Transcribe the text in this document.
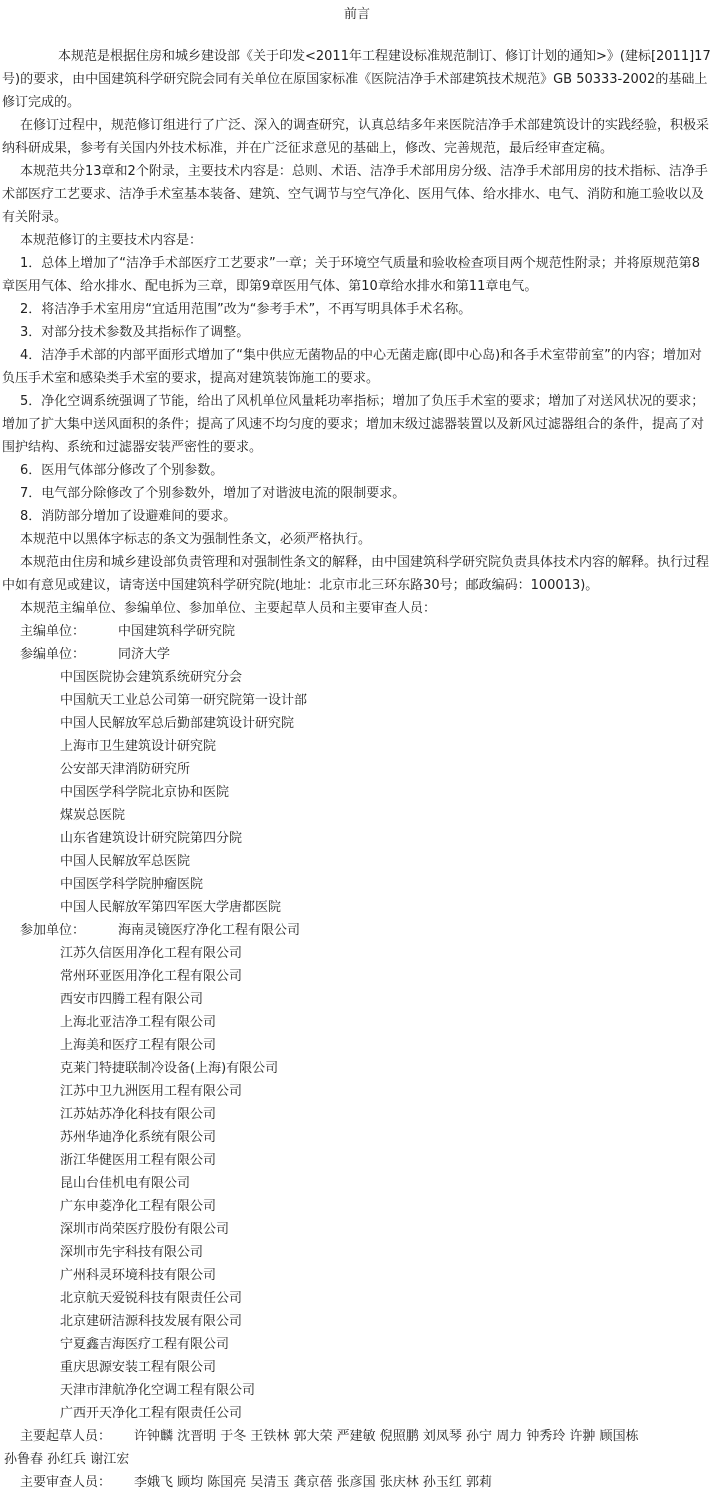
前言

本规范是根据住房和城乡建设部《关于印发<2011年工程建设标准规范制订、修订计划的通知>》(建标[2011]17号)的要求，由中国建筑科学研究院会同有关单位在原国家标准《医院洁净手术部建筑技术规范》GB 50333-2002的基础上修订完成的。

在修订过程中，规范修订组进行了广泛、深入的调查研究，认真总结多年来医院洁净手术部建筑设计的实践经验，积极采纳科研成果，参考有关国内外技术标准，并在广泛征求意见的基础上，修改、完善规范，最后经审查定稿。

本规范共分13章和2个附录，主要技术内容是：总则、术语、洁净手术部用房分级、洁净手术部用房的技术指标、洁净手术部医疗工艺要求、洁净手术室基本装备、建筑、空气调节与空气净化、医用气体、给水排水、电气、消防和施工验收以及有关附录。

本规范修订的主要技术内容是：

1．总体上增加了“洁净手术部医疗工艺要求”一章；关于环境空气质量和验收检查项目两个规范性附录；并将原规范第8章医用气体、给水排水、配电拆为三章，即第9章医用气体、第10章给水排水和第11章电气。

2．将洁净手术室用房“宜适用范围”改为“参考手术”，不再写明具体手术名称。

3．对部分技术参数及其指标作了调整。

4．洁净手术部的内部平面形式增加了“集中供应无菌物品的中心无菌走廊(即中心岛)和各手术室带前室”的内容；增加对负压手术室和感染类手术室的要求，提高对建筑装饰施工的要求。

5．净化空调系统强调了节能，给出了风机单位风量耗功率指标；增加了负压手术室的要求；增加了对送风状况的要求；增加了扩大集中送风面积的条件；提高了风速不均匀度的要求；增加末级过滤器装置以及新风过滤器组合的条件，提高了对围护结构、系统和过滤器安装严密性的要求。

6．医用气体部分修改了个别参数。

7．电气部分除修改了个别参数外，增加了对谐波电流的限制要求。

8．消防部分增加了设避难间的要求。

本规范中以黑体字标志的条文为强制性条文，必须严格执行。

本规范由住房和城乡建设部负责管理和对强制性条文的解释，由中国建筑科学研究院负责具体技术内容的解释。执行过程中如有意见或建议，请寄送中国建筑科学研究院(地址：北京市北三环东路30号；邮政编码：100013)。

本规范主编单位、参编单位、参加单位、主要起草人员和主要审查人员：

主编单位：	中国建筑科学研究院
参编单位：	同济大学

中国医院协会建筑系统研究分会

中国航天工业总公司第一研究院第一设计部

中国人民解放军总后勤部建筑设计研究院

上海市卫生建筑设计研究院

公安部天津消防研究所

中国医学科学院北京协和医院

煤炭总医院

山东省建筑设计研究院第四分院

中国人民解放军总医院

中国医学科学院肿瘤医院

中国人民解放军第四军医大学唐都医院

参加单位：	海南灵镜医疗净化工程有限公司

江苏久信医用净化工程有限公司

常州环亚医用净化工程有限公司

西安市四腾工程有限公司

上海北亚洁净工程有限公司

上海美和医疗工程有限公司

克莱门特捷联制冷设备(上海)有限公司

江苏中卫九洲医用工程有限公司

江苏姑苏净化科技有限公司

苏州华迪净化系统有限公司

浙江华健医用工程有限公司

昆山台佳机电有限公司

广东申菱净化工程有限公司

深圳市尚荣医疗股份有限公司

深圳市先宇科技有限公司

广州科灵环境科技有限公司

北京航天爱锐科技有限责任公司

北京建研洁源科技发展有限公司

宁夏鑫吉海医疗工程有限公司

重庆思源安装工程有限公司

天津市津航净化空调工程有限公司

广西开天净化工程有限责任公司

主要起草人员： 许钟麟 沈晋明 于冬 王铁林 郭大荣 严建敏 倪照鹏 刘凤琴 孙宁 周力 钟秀玲 许翀 顾国栋

孙鲁春 孙红兵 谢江宏

主要审查人员： 李娥飞 顾均 陈国亮 吴清玉 龚京蓓 张彦国 张庆林 孙玉红 郭莉
